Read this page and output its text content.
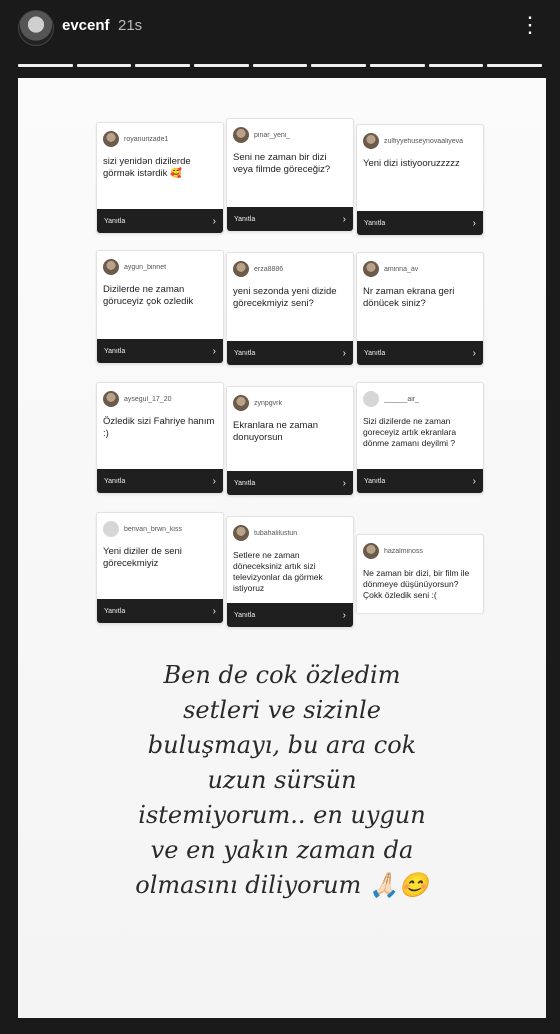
evcenf 21s	⋮
royanurizade1
sizi yenidən dizilerde görmək istərdik 🥰
Yanıtla	›
pinar_yeni_
Seni ne zaman bir dizi veya filmde göreceğiz?
Yanıtla	›
zulfiyyehuseynovaaliyeva
Yeni dizi istiyooruzzzzz
Yanıtla	›
aygun_binnet
Dizilerde ne zaman göruceyiz çok ozledik
Yanıtla	›
erza8886
yeni sezonda yeni dizide görecekmiyiz seni?
Yanıtla	›
aminna_av
Nr zaman ekrana geri dönücek siniz?
Yanıtla	›
aysegul_17_20
Özledik sizi Fahriye hanım :)
Yanıtla	›
zynpgvrk
Ekranlara ne zaman donuyorsun
Yanıtla	›
______air_
Sizi dizilerde ne zaman goreceyiz artık ekranlara dönme zamanı deyilmi ?
Yanıtla	›
berivan_brwn_kiss
Yeni diziler de seni görecekmiyiz
Yanıtla	›
tubahalilustun
Setlere ne zaman döneceksiniz artık sizi televizyonlar da görmek istiyoruz
Yanıtla	›
hazalminoss
Ne zaman bir dizi, bir film ile dönmeye düşünüyorsun? Çokk özledik seni :(
Ben de cok özledim
setleri ve sizinle
buluşmayı, bu ara cok
uzun sürsün
istemiyorum.. en uygun
ve en yakın zaman da
olmasını diliyorum 🙏🏻😊
